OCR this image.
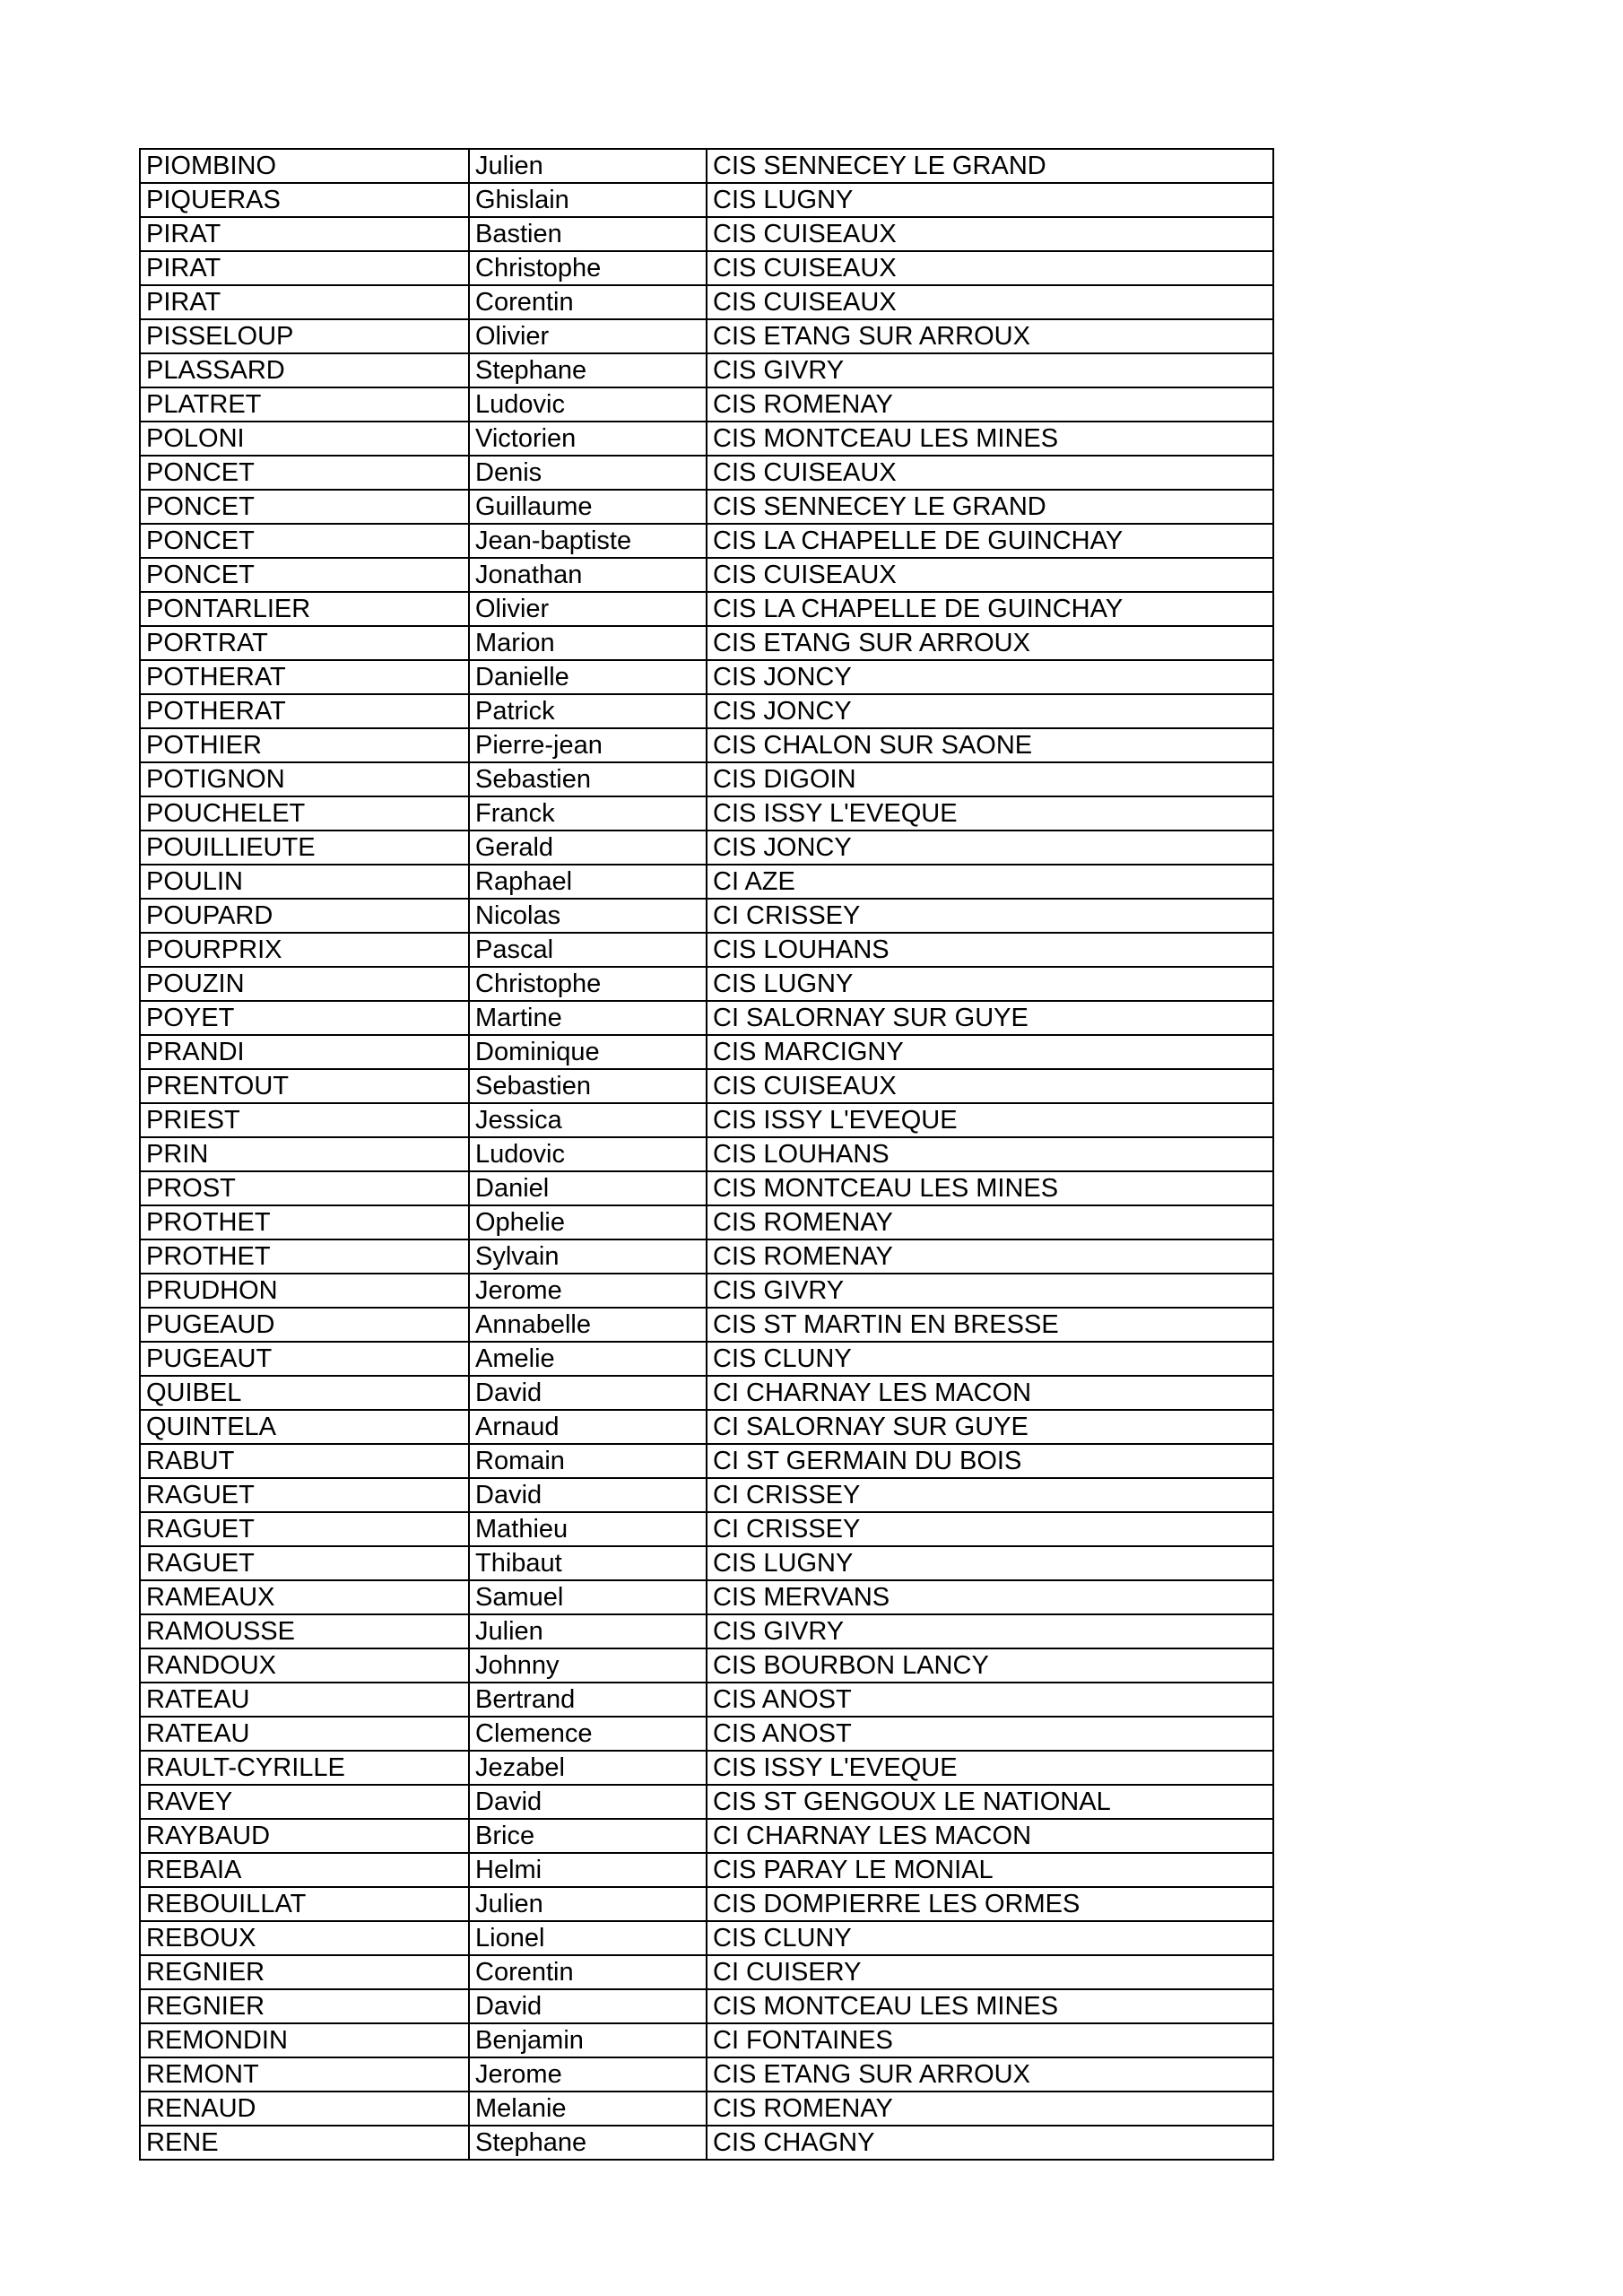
PIOMBINO	Julien	CIS SENNECEY LE GRAND
PIQUERAS	Ghislain	CIS LUGNY
PIRAT	Bastien	CIS CUISEAUX
PIRAT	Christophe	CIS CUISEAUX
PIRAT	Corentin	CIS CUISEAUX
PISSELOUP	Olivier	CIS ETANG SUR ARROUX
PLASSARD	Stephane	CIS GIVRY
PLATRET	Ludovic	CIS ROMENAY
POLONI	Victorien	CIS MONTCEAU LES MINES
PONCET	Denis	CIS CUISEAUX
PONCET	Guillaume	CIS SENNECEY LE GRAND
PONCET	Jean-baptiste	CIS LA CHAPELLE DE GUINCHAY
PONCET	Jonathan	CIS CUISEAUX
PONTARLIER	Olivier	CIS LA CHAPELLE DE GUINCHAY
PORTRAT	Marion	CIS ETANG SUR ARROUX
POTHERAT	Danielle	CIS JONCY
POTHERAT	Patrick	CIS JONCY
POTHIER	Pierre-jean	CIS CHALON SUR SAONE
POTIGNON	Sebastien	CIS DIGOIN
POUCHELET	Franck	CIS ISSY L'EVEQUE
POUILLIEUTE	Gerald	CIS JONCY
POULIN	Raphael	CI AZE
POUPARD	Nicolas	CI CRISSEY
POURPRIX	Pascal	CIS LOUHANS
POUZIN	Christophe	CIS LUGNY
POYET	Martine	CI SALORNAY SUR GUYE
PRANDI	Dominique	CIS MARCIGNY
PRENTOUT	Sebastien	CIS CUISEAUX
PRIEST	Jessica	CIS ISSY L'EVEQUE
PRIN	Ludovic	CIS LOUHANS
PROST	Daniel	CIS MONTCEAU LES MINES
PROTHET	Ophelie	CIS ROMENAY
PROTHET	Sylvain	CIS ROMENAY
PRUDHON	Jerome	CIS GIVRY
PUGEAUD	Annabelle	CIS ST MARTIN EN BRESSE
PUGEAUT	Amelie	CIS CLUNY
QUIBEL	David	CI CHARNAY LES MACON
QUINTELA	Arnaud	CI SALORNAY SUR GUYE
RABUT	Romain	CI ST GERMAIN DU BOIS
RAGUET	David	CI CRISSEY
RAGUET	Mathieu	CI CRISSEY
RAGUET	Thibaut	CIS LUGNY
RAMEAUX	Samuel	CIS MERVANS
RAMOUSSE	Julien	CIS GIVRY
RANDOUX	Johnny	CIS BOURBON LANCY
RATEAU	Bertrand	CIS ANOST
RATEAU	Clemence	CIS ANOST
RAULT-CYRILLE	Jezabel	CIS ISSY L'EVEQUE
RAVEY	David	CIS ST GENGOUX LE NATIONAL
RAYBAUD	Brice	CI CHARNAY LES MACON
REBAIA	Helmi	CIS PARAY LE MONIAL
REBOUILLAT	Julien	CIS DOMPIERRE LES ORMES
REBOUX	Lionel	CIS CLUNY
REGNIER	Corentin	CI CUISERY
REGNIER	David	CIS MONTCEAU LES MINES
REMONDIN	Benjamin	CI FONTAINES
REMONT	Jerome	CIS ETANG SUR ARROUX
RENAUD	Melanie	CIS ROMENAY
RENE	Stephane	CIS CHAGNY
